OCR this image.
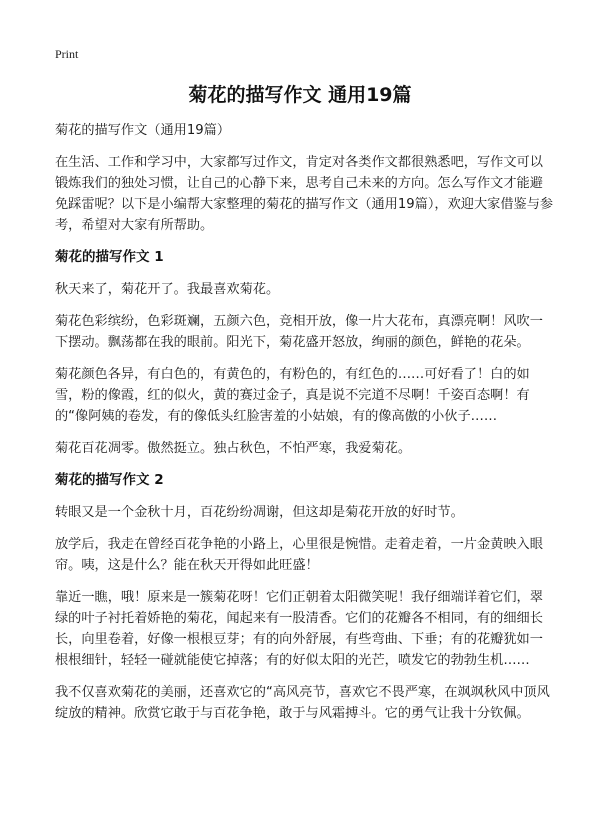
Print
菊花的描写作文 通用19篇

菊花的描写作文（通用19篇）

在生活、工作和学习中，大家都写过作文，肯定对各类作文都很熟悉吧，写作文可以锻炼我们的独处习惯，让自己的心静下来，思考自己未来的方向。怎么写作文才能避免踩雷呢？以下是小编帮大家整理的菊花的描写作文（通用19篇），欢迎大家借鉴与参考，希望对大家有所帮助。

菊花的描写作文 1

秋天来了，菊花开了。我最喜欢菊花。

菊花色彩缤纷，色彩斑斓，五颜六色，竞相开放，像一片大花布，真漂亮啊！风吹一下摆动。飘荡都在我的眼前。阳光下，菊花盛开怒放，绚丽的颜色，鲜艳的花朵。

菊花颜色各异，有白色的，有黄色的，有粉色的，有红色的……可好看了！白的如雪，粉的像霞，红的似火，黄的赛过金子，真是说不完道不尽啊！千姿百态啊！有的“像阿姨的卷发，有的像低头红脸害羞的小姑娘，有的像高傲的小伙子……

菊花百花凋零。傲然挺立。独占秋色，不怕严寒，我爱菊花。

菊花的描写作文 2

转眼又是一个金秋十月，百花纷纷凋谢，但这却是菊花开放的好时节。

放学后，我走在曾经百花争艳的小路上，心里很是惋惜。走着走着，一片金黄映入眼帘。咦，这是什么？能在秋天开得如此旺盛！

靠近一瞧，哦！原来是一簇菊花呀！它们正朝着太阳微笑呢！我仔细端详着它们，翠绿的叶子衬托着娇艳的菊花，闻起来有一股清香。它们的花瓣各不相同，有的细细长长，向里卷着，好像一根根豆芽；有的向外舒展，有些弯曲、下垂；有的花瓣犹如一根根细针，轻轻一碰就能使它掉落；有的好似太阳的光芒，喷发它的勃勃生机……

我不仅喜欢菊花的美丽，还喜欢它的“高风亮节，喜欢它不畏严寒，在飒飒秋风中顶风绽放的精神。欣赏它敢于与百花争艳，敢于与风霜搏斗。它的勇气让我十分钦佩。
